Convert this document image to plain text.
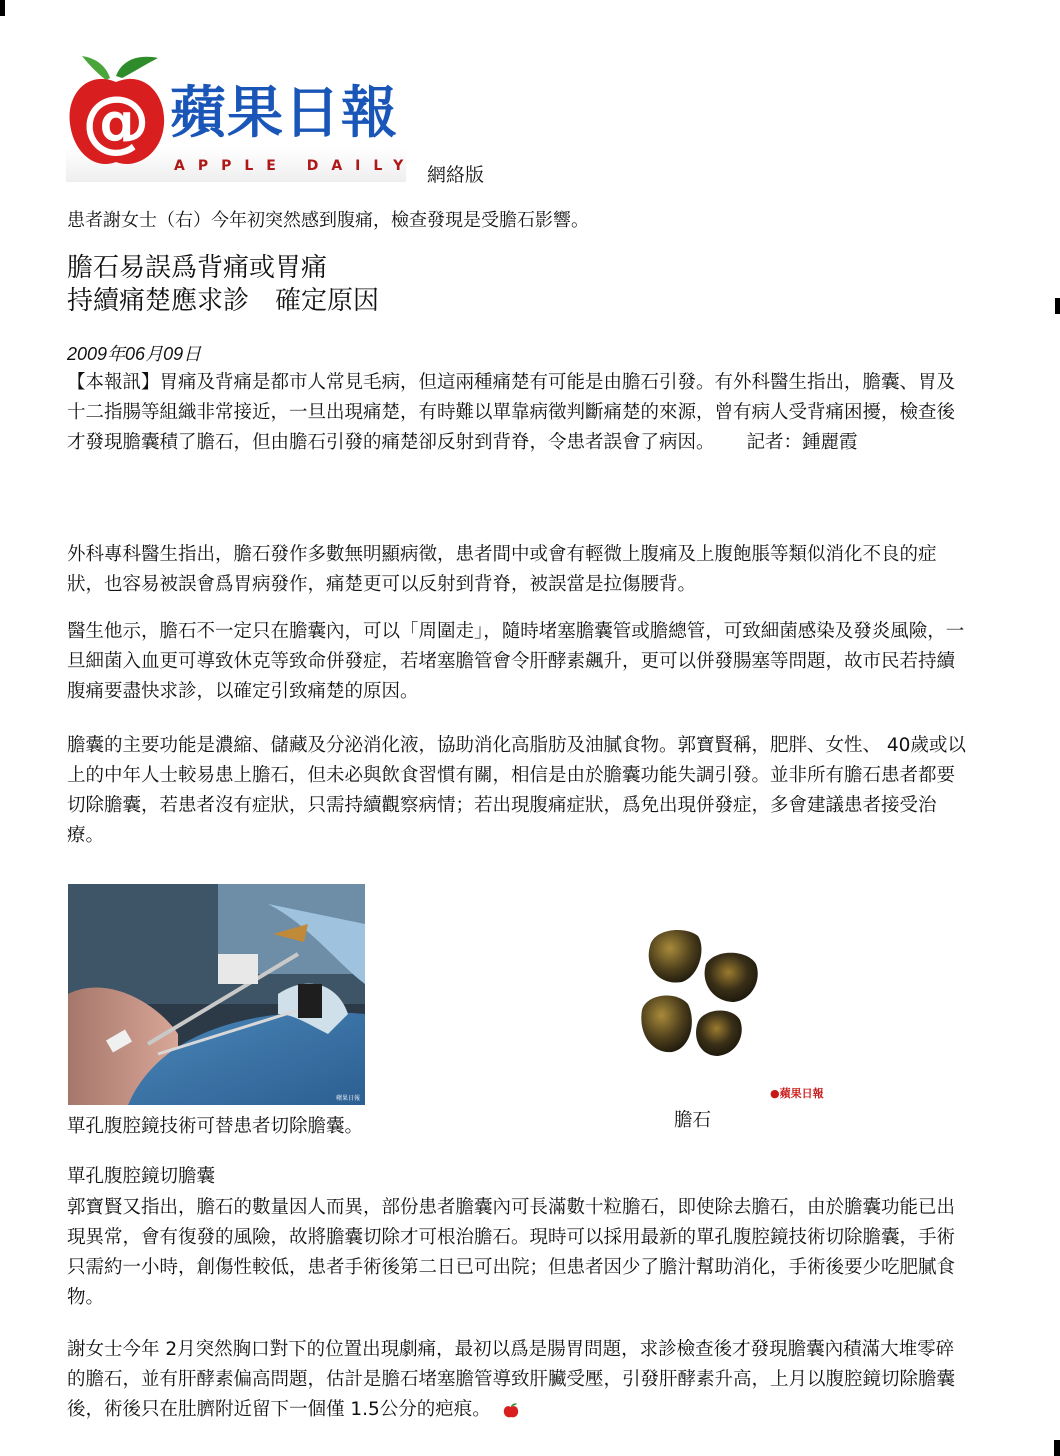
@ 蘋果日報
APPLE DAILY 網絡版
患者謝女士（右）今年初突然感到腹痛，檢查發現是受膽石影響。
膽石易誤爲背痛或胃痛
持續痛楚應求診　確定原因
2009年06月09日

【本報訊】胃痛及背痛是都市人常見毛病，但這兩種痛楚有可能是由膽石引發。有外科醫生指出，膽囊、胃及十二指腸等組織非常接近，一旦出現痛楚，有時難以單靠病徵判斷痛楚的來源，曾有病人受背痛困擾，檢查後才發現膽囊積了膽石，但由膽石引發的痛楚卻反射到背脊，令患者誤會了病因。 記者：鍾麗霞

外科專科醫生指出，膽石發作多數無明顯病徵，患者間中或會有輕微上腹痛及上腹飽脹等類似消化不良的症狀，也容易被誤會爲胃病發作，痛楚更可以反射到背脊，被誤當是拉傷腰背。

醫生他示，膽石不一定只在膽囊內，可以「周圍走」，隨時堵塞膽囊管或膽總管，可致細菌感染及發炎風險，一旦細菌入血更可導致休克等致命併發症，若堵塞膽管會令肝酵素飆升，更可以併發腸塞等問題，故市民若持續腹痛要盡快求診，以確定引致痛楚的原因。

膽囊的主要功能是濃縮、儲藏及分泌消化液，協助消化高脂肪及油膩食物。郭寶賢稱，肥胖、女性、 40歲或以上的中年人士較易患上膽石，但未必與飲食習慣有關，相信是由於膽囊功能失調引發。並非所有膽石患者都要切除膽囊，若患者沒有症狀，只需持續觀察病情；若出現腹痛症狀，爲免出現併發症，多會建議患者接受治療。

蘋果日報
單孔腹腔鏡技術可替患者切除膽囊。
●蘋果日報
膽石
單孔腹腔鏡切膽囊

郭寶賢又指出，膽石的數量因人而異，部份患者膽囊內可長滿數十粒膽石，即使除去膽石，由於膽囊功能已出現異常，會有復發的風險，故將膽囊切除才可根治膽石。現時可以採用最新的單孔腹腔鏡技術切除膽囊，手術只需約一小時，創傷性較低，患者手術後第二日已可出院；但患者因少了膽汁幫助消化，手術後要少吃肥膩食物。

謝女士今年 2月突然胸口對下的位置出現劇痛，最初以爲是腸胃問題，求診檢查後才發現膽囊內積滿大堆零碎的膽石，並有肝酵素偏高問題，估計是膽石堵塞膽管導致肝臟受壓，引發肝酵素升高，上月以腹腔鏡切除膽囊後，術後只在肚臍附近留下一個僅 1.5公分的疤痕。
